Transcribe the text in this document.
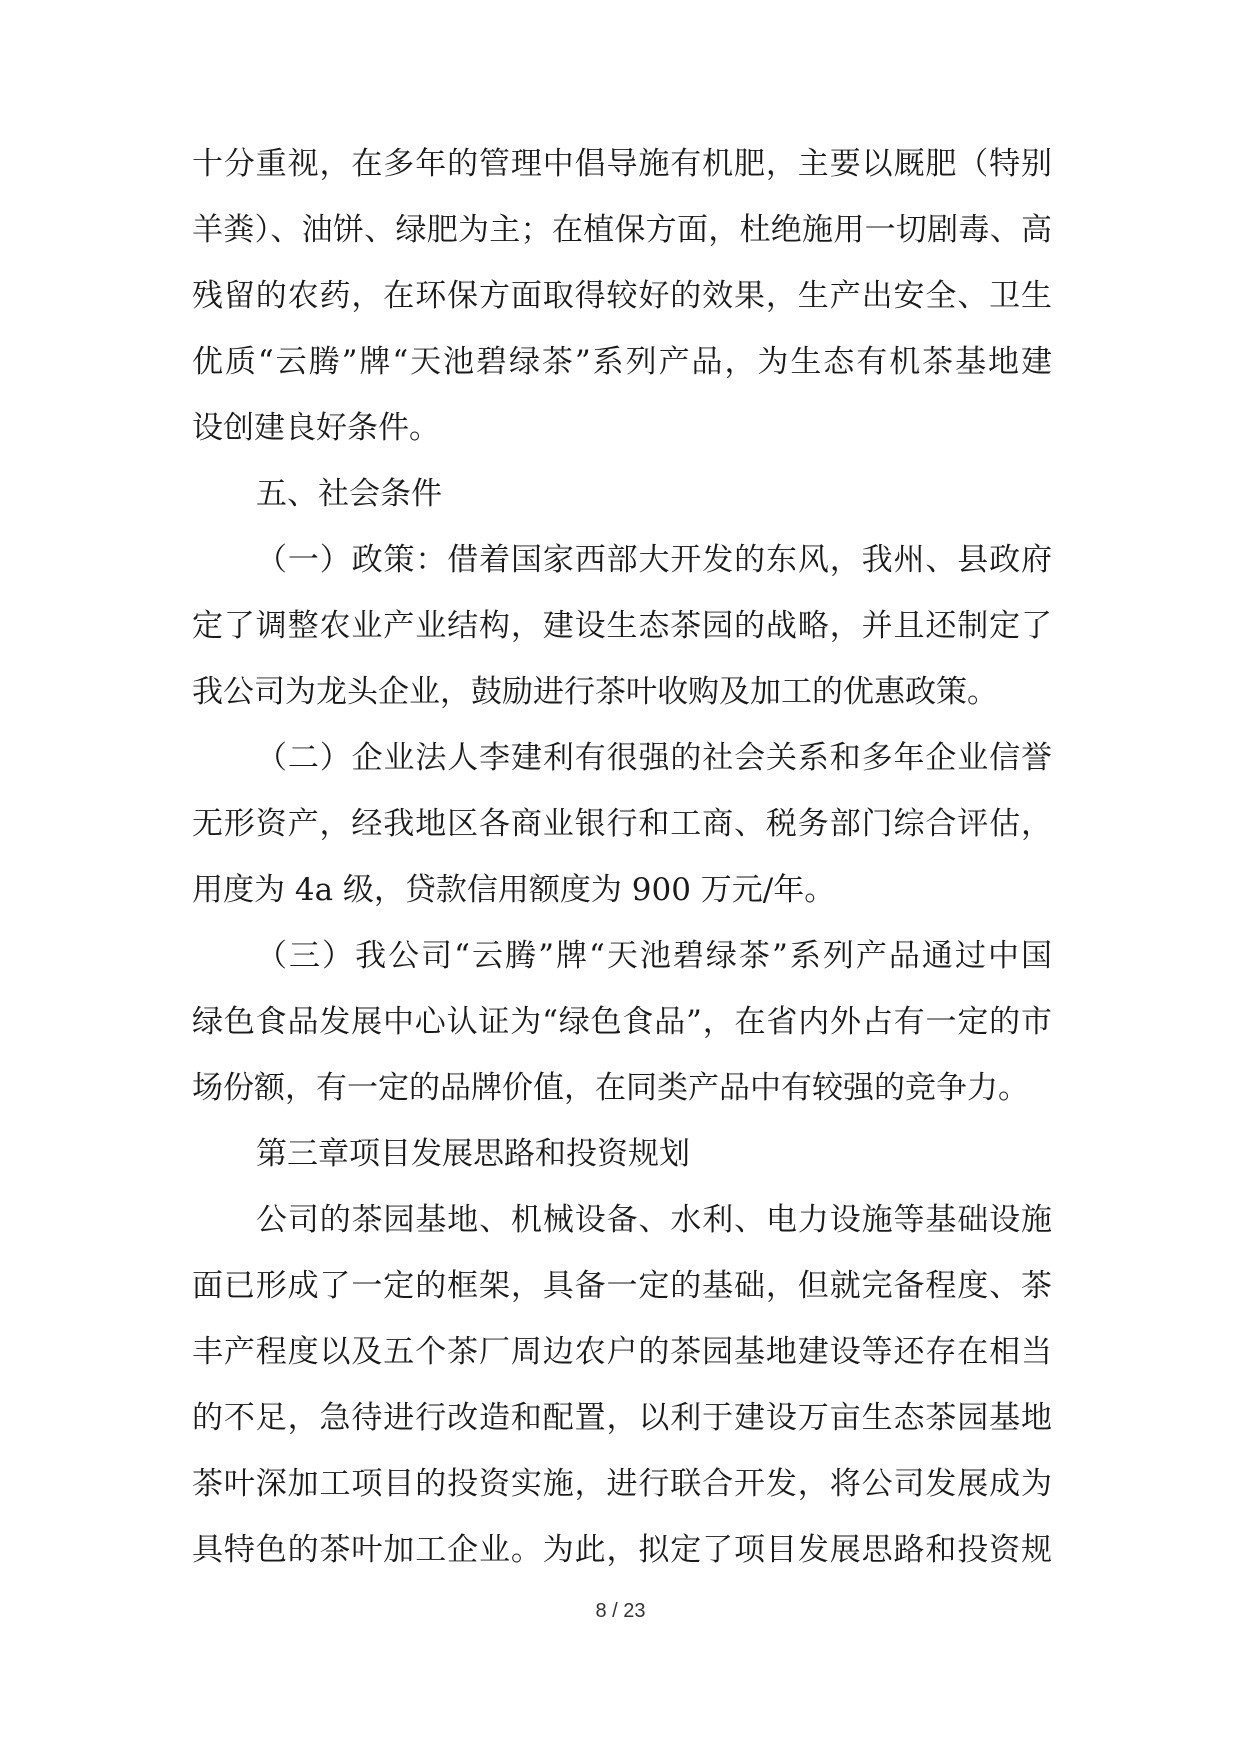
十分重视，在多年的管理中倡导施有机肥，主要以厩肥（特别
羊粪）、油饼、绿肥为主；在植保方面，杜绝施用一切剧毒、高
残留的农药，在环保方面取得较好的效果，生产出安全、卫生
优质“云腾”牌“天池碧绿茶”系列产品，为生态有机茶基地建
设创建良好条件。
五、社会条件
（一）政策：借着国家西部大开发的东风，我州、县政府
定了调整农业产业结构，建设生态茶园的战略，并且还制定了
我公司为龙头企业，鼓励进行茶叶收购及加工的优惠政策。
（二）企业法人李建利有很强的社会关系和多年企业信誉
无形资产，经我地区各商业银行和工商、税务部门综合评估，
用度为 4a 级，贷款信用额度为 900 万元/年。
（三）我公司“云腾”牌“天池碧绿茶”系列产品通过中国
绿色食品发展中心认证为“绿色食品”，在省内外占有一定的市
场份额，有一定的品牌价值，在同类产品中有较强的竞争力。
第三章项目发展思路和投资规划
公司的茶园基地、机械设备、水利、电力设施等基础设施
面已形成了一定的框架，具备一定的基础，但就完备程度、茶
丰产程度以及五个茶厂周边农户的茶园基地建设等还存在相当
的不足，急待进行改造和配置，以利于建设万亩生态茶园基地
茶叶深加工项目的投资实施，进行联合开发，将公司发展成为
具特色的茶叶加工企业。为此，拟定了项目发展思路和投资规
8 / 23
